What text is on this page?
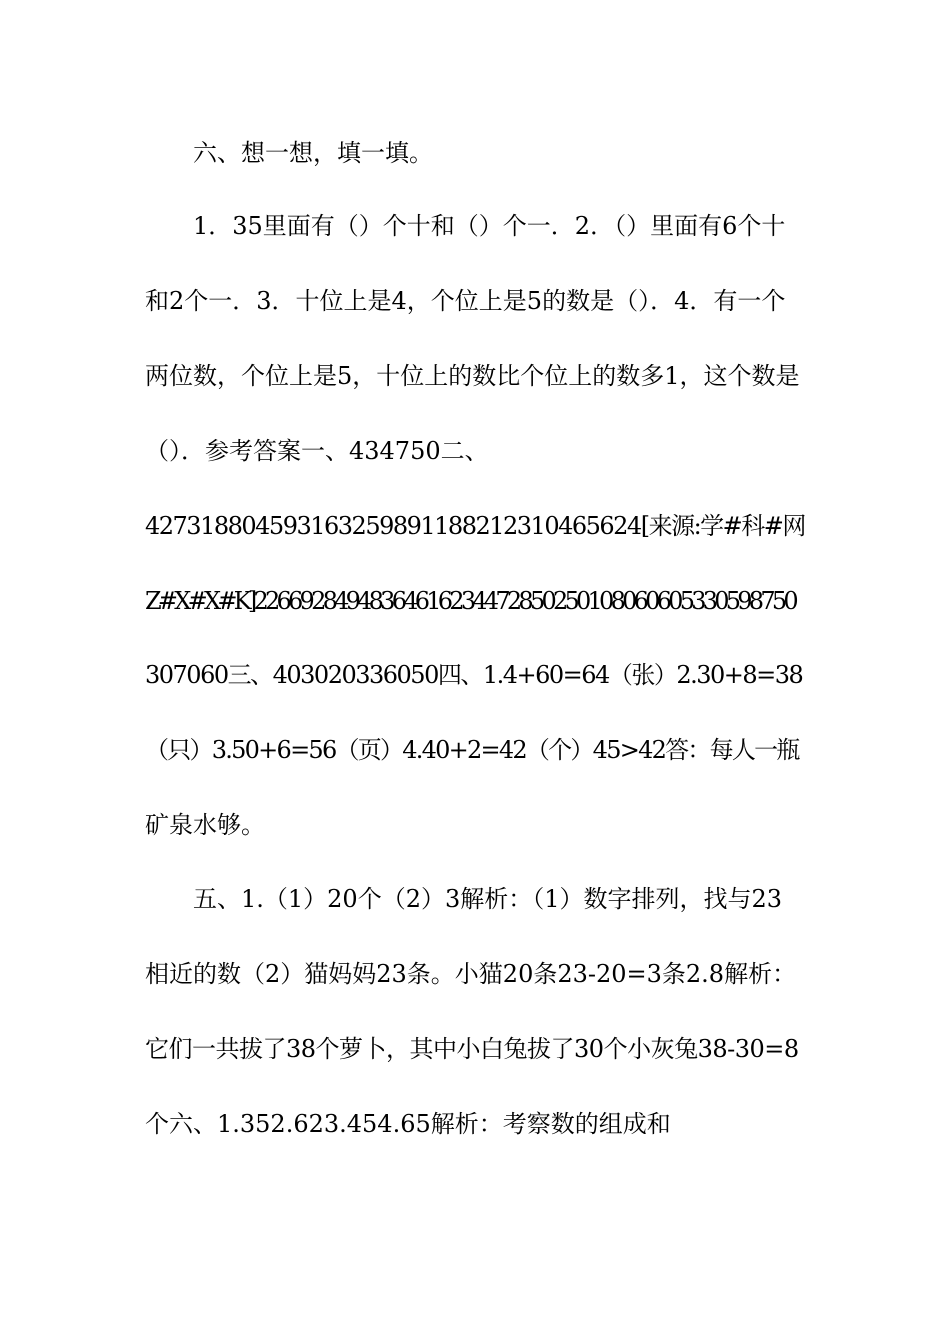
六、想一想，填一填。
1．35里面有（）个十和（）个一．2．（）里面有6个十
和2个一．3．十位上是4，个位上是5的数是（）．4．有一个
两位数，个位上是5，十位上的数比个位上的数多1，这个数是
（）．参考答案一、434750二、
4273188045931632598911882123104656​24[来源:学#科#网
Z#X#X#K]2266928494836461623447285025010806060533059875​0
307060三、403020336050四、1.4+60=64（张）2.30+8=38
（只）3.50+6=56（页）4.40+2=42（个）45>42答：每人一瓶
矿泉水够。
五、1.（1）20个（2）3解析：（1）数字排列，找与23
相近的数（2）猫妈妈23条。小猫20条23-20=3条2.8解析：
它们一共拔了38个萝卜，其中小白兔拔了30个小灰兔38-30=8
个六、1.352.623.454.65解析：考察数的组成和
